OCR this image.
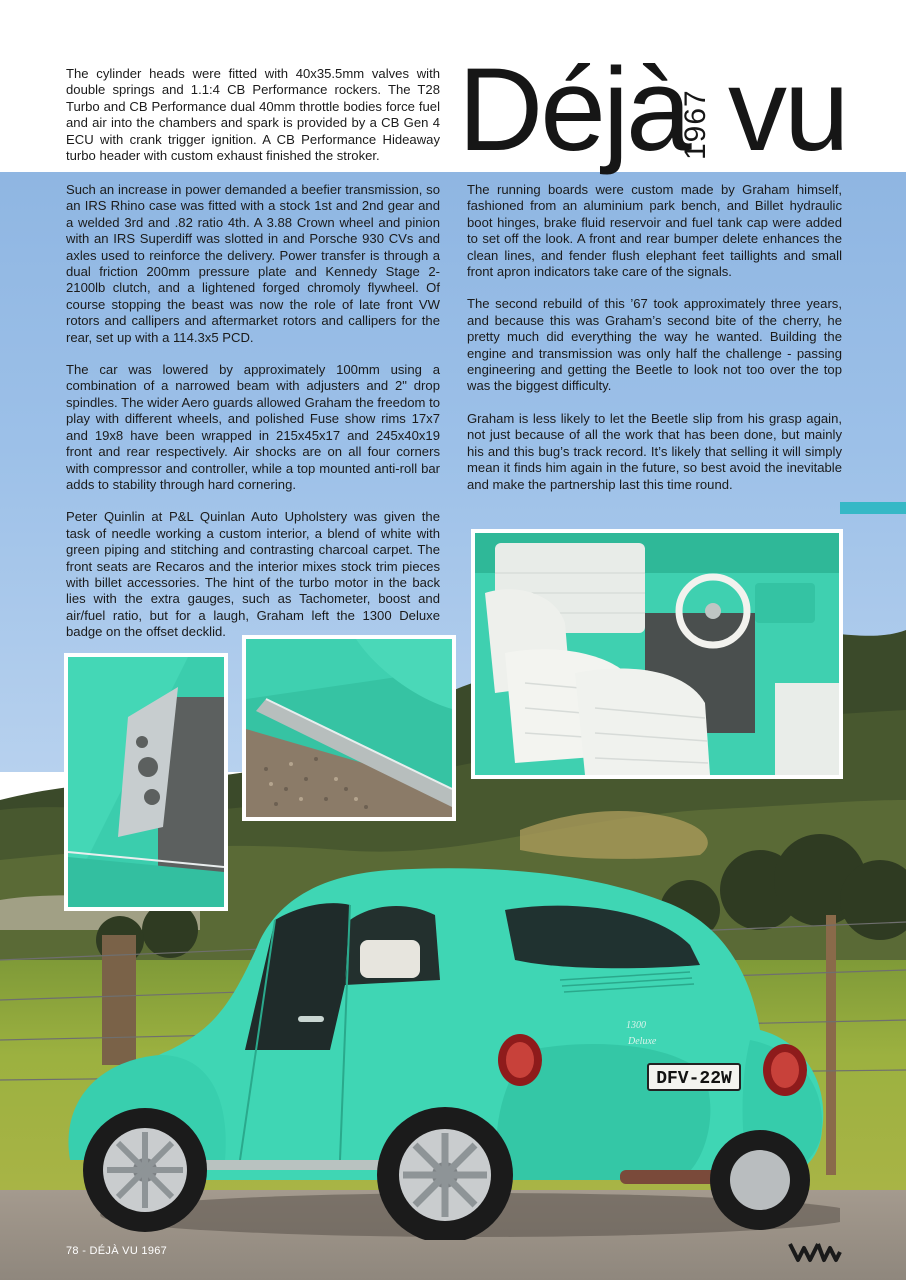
DFV-22W
1300
Deluxe
Déjà
1967 vu

The cylinder heads were fitted with 40x35.5mm valves with double springs and 1.1:4 CB Performance rockers. The T28 Turbo and CB Performance dual 40mm throttle bodies force fuel and air into the chambers and spark is provided by a CB Gen 4 ECU with crank trigger ignition. A CB Performance Hideaway turbo header with custom exhaust finished the stroker.

Such an increase in power demanded a beefier transmission, so an IRS Rhino case was fitted with a stock 1st and 2nd gear and a welded 3rd and .82 ratio 4th. A 3.88 Crown wheel and pinion with an IRS Superdiff was slotted in and Porsche 930 CVs and axles used to reinforce the delivery. Power transfer is through a dual friction 200mm pressure plate and Kennedy Stage 2-2100lb clutch, and a lightened forged chromoly flywheel. Of course stopping the beast was now the role of late front VW rotors and callipers and aftermarket rotors and callipers for the rear, set up with a 114.3x5 PCD.

The car was lowered by approximately 100mm using a combination of a narrowed beam with adjusters and 2" drop spindles. The wider Aero guards allowed Graham the freedom to play with different wheels, and polished Fuse show rims 17x7 and 19x8 have been wrapped in 215x45x17 and 245x40x19 front and rear respectively. Air shocks are on all four corners with compressor and controller, while a top mounted anti-roll bar adds to stability through hard cornering.

Peter Quinlin at P&L Quinlan Auto Upholstery was given the task of needle working a custom interior, a blend of white with green piping and stitching and contrasting charcoal carpet. The front seats are Recaros and the interior mixes stock trim pieces with billet accessories. The hint of the turbo motor in the back lies with the extra gauges, such as Tachometer, boost and air/fuel ratio, but for a laugh, Graham left the 1300 Deluxe badge on the offset decklid.

The running boards were custom made by Graham himself, fashioned from an aluminium park bench, and Billet hydraulic boot hinges, brake fluid reservoir and fuel tank cap were added to set off the look. A front and rear bumper delete enhances the clean lines, and fender flush elephant feet taillights and small front apron indicators take care of the signals.

The second rebuild of this ’67 took approximately three years, and because this was Graham’s second bite of the cherry, he pretty much did everything the way he wanted. Building the engine and transmission was only half the challenge - passing engineering and getting the Beetle to look not too over the top was the biggest difficulty.

Graham is less likely to let the Beetle slip from his grasp again, not just because of all the work that has been done, but mainly his and this bug’s track record. It’s likely that selling it will simply mean it finds him again in the future, so best avoid the inevitable and make the partnership last this time round.

78 - DÉJÀ VU 1967
